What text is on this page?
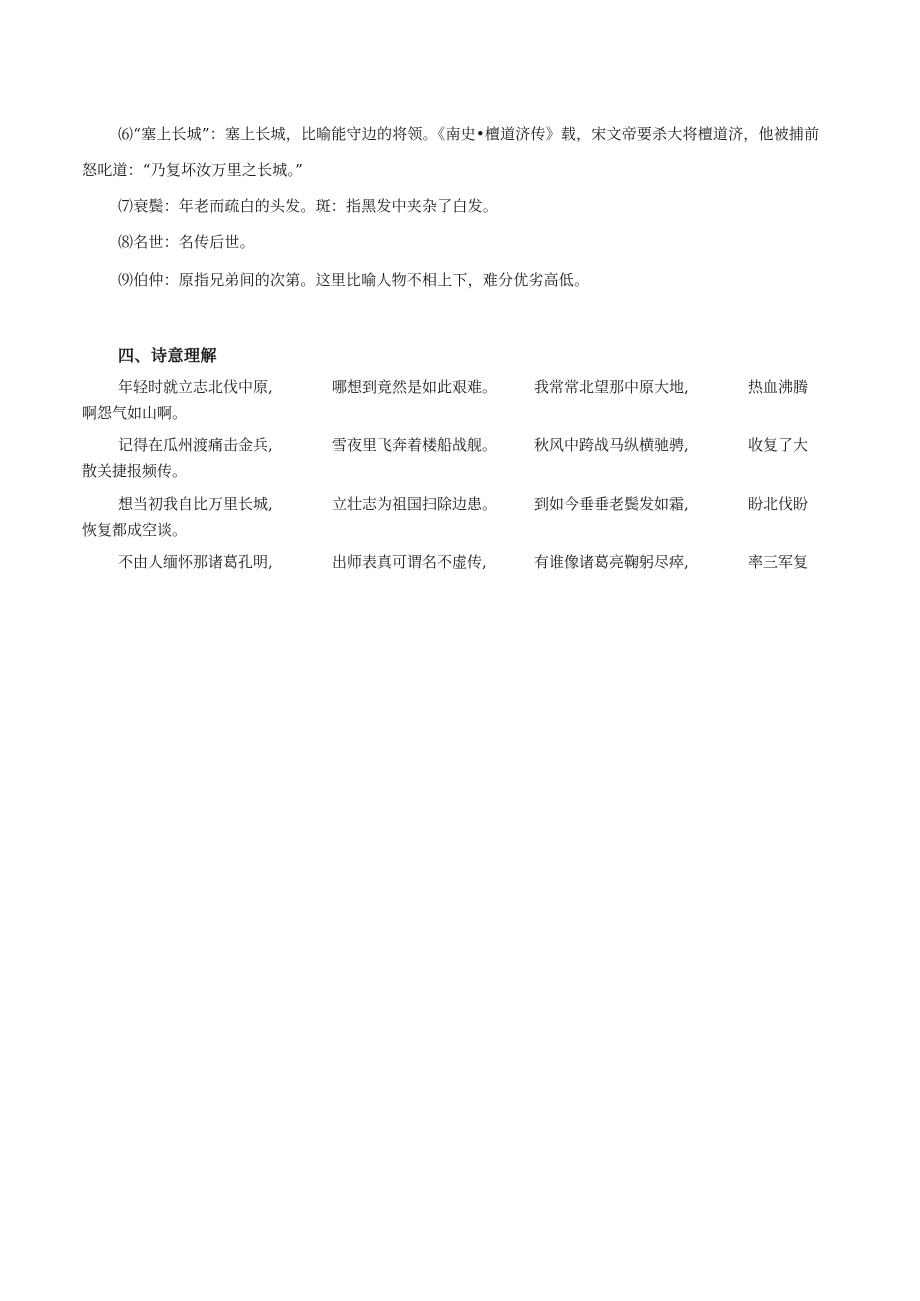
⑹“塞上长城”：塞上长城，比喻能守边的将领。《南史•檀道济传》载，宋文帝要杀大将檀道济，他被捕前怒叱道：“乃复坏汝万里之长城。”

⑺衰鬓：年老而疏白的头发。斑：指黑发中夹杂了白发。

⑻名世：名传后世。

⑼伯仲：原指兄弟间的次第。这里比喻人物不相上下，难分优劣高低。

四、诗意理解
年轻时就立志北伐中原,	哪想到竟然是如此艰难。 我常常北望那中原大地,	热血沸腾
啊怨气如山啊。
记得在瓜州渡痛击金兵,	雪夜里飞奔着楼船战舰。 秋风中跨战马纵横驰骋,	收复了大
散关捷报频传。
想当初我自比万里长城,	立壮志为祖国扫除边患。 到如今垂垂老鬓发如霜,	盼北伐盼
恢复都成空谈。
不由人缅怀那诸葛孔明,	出师表真可谓名不虚传,	有谁像诸葛亮鞠躬尽瘁,	率三军复
